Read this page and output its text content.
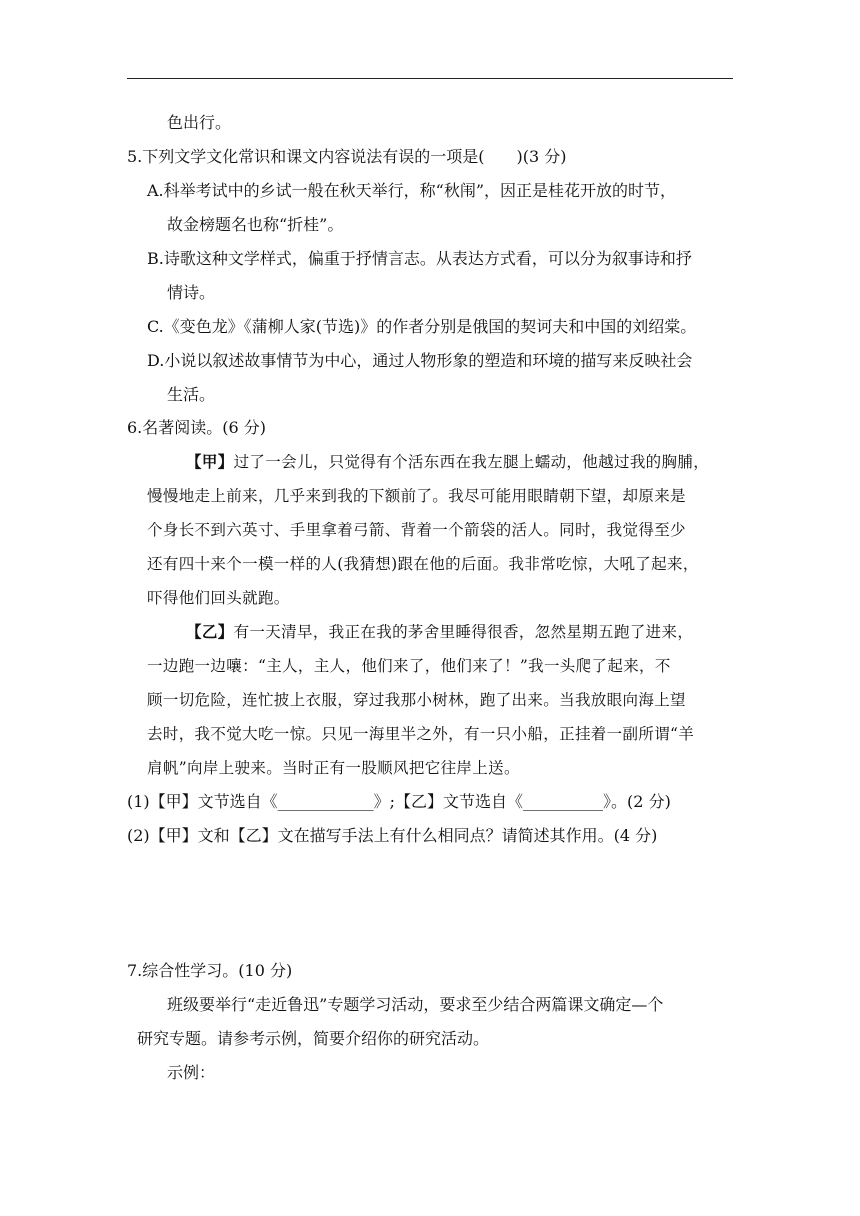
色出行。

5.下列文学文化常识和课文内容说法有误的一项是(　　)(3 分)

A.科举考试中的乡试一般在秋天举行，称“秋闱”，因正是桂花开放的时节，

故金榜题名也称“折桂”。

B.诗歌这种文学样式，偏重于抒情言志。从表达方式看，可以分为叙事诗和抒

情诗。

C.《变色龙》《蒲柳人家(节选)》的作者分别是俄国的契诃夫和中国的刘绍棠。

D.小说以叙述故事情节为中心，通过人物形象的塑造和环境的描写来反映社会

生活。

6.名著阅读。(6 分)

【甲】过了一会儿，只觉得有个活东西在我左腿上蠕动，他越过我的胸脯，

慢慢地走上前来，几乎来到我的下额前了。我尽可能用眼睛朝下望，却原来是

个身长不到六英寸、手里拿着弓箭、背着一个箭袋的活人。同时，我觉得至少

还有四十来个一模一样的人(我猜想)跟在他的后面。我非常吃惊，大吼了起来，

吓得他们回头就跑。

【乙】有一天清早，我正在我的茅舍里睡得很香，忽然星期五跑了进来，

一边跑一边嚷：“主人，主人，他们来了，他们来了！”我一头爬了起来，不

顾一切危险，连忙披上衣服，穿过我那小树林，跑了出来。当我放眼向海上望

去时，我不觉大吃一惊。只见一海里半之外，有一只小船，正挂着一副所谓“羊

肩帆”向岸上驶来。当时正有一股顺风把它往岸上送。

(1)【甲】文节选自《____________》;【乙】文节选自《__________》。(2 分)

(2)【甲】文和【乙】文在描写手法上有什么相同点？请简述其作用。(4 分)

7.综合性学习。(10 分)

班级要举行“走近鲁迅”专题学习活动，要求至少结合两篇课文确定—个

研究专题。请参考示例，简要介绍你的研究活动。

示例：
